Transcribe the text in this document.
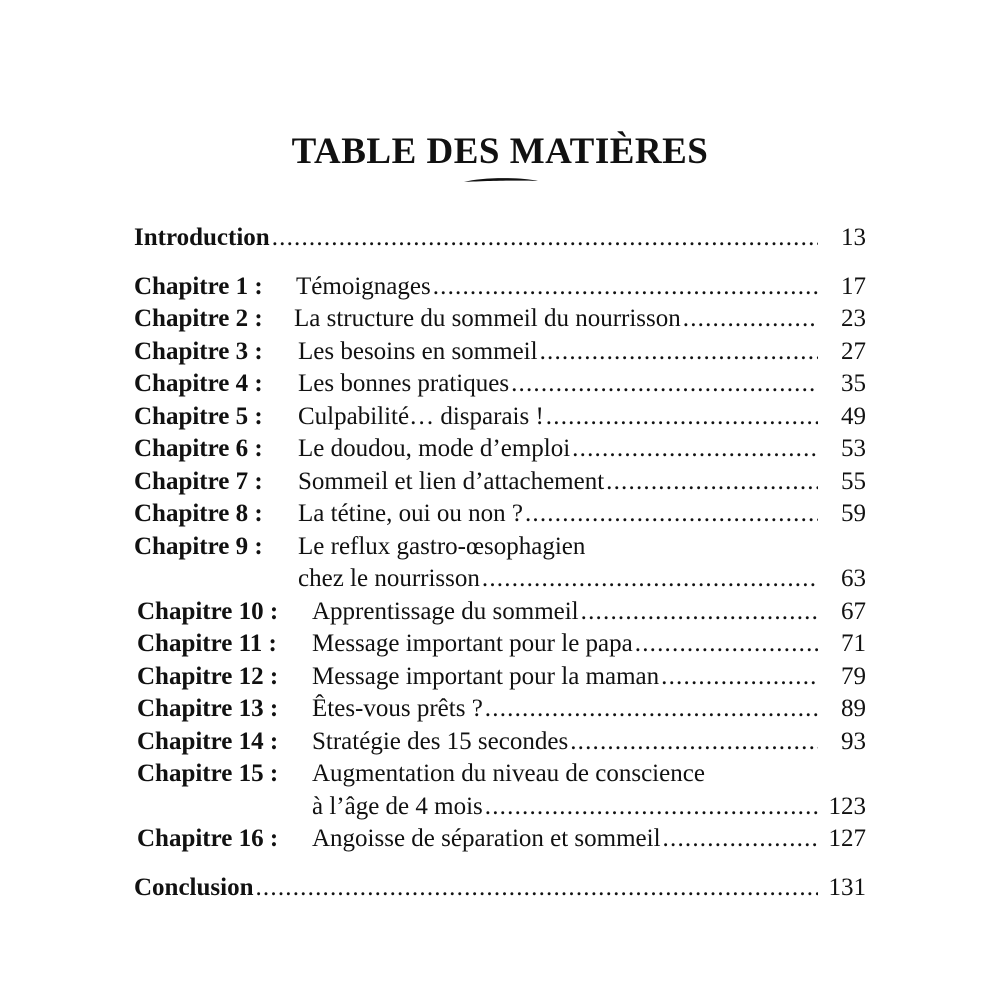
TABLE DES MATIÈRES
Introduction .....	13
Chapitre 1 : Témoignages .....	17
Chapitre 2 : La structure du sommeil du nourrisson .....	23
Chapitre 3 : Les besoins en sommeil .....	27
Chapitre 4 : Les bonnes pratiques .....	35
Chapitre 5 : Culpabilité… disparais ! .....	49
Chapitre 6 : Le doudou, mode d’emploi .....	53
Chapitre 7 : Sommeil et lien d’attachement .....	55
Chapitre 8 : La tétine, oui ou non ? .....	59
Chapitre 9 : Le reflux gastro-œsophagien
chez le nourrisson .....	63
Chapitre 10 : Apprentissage du sommeil .....	67
Chapitre 11 : Message important pour le papa .....	71
Chapitre 12 : Message important pour la maman .....	79
Chapitre 13 : Êtes-vous prêts ? .....	89
Chapitre 14 : Stratégie des 15 secondes .....	93
Chapitre 15 : Augmentation du niveau de conscience
à l’âge de 4 mois .....	123
Chapitre 16 : Angoisse de séparation et sommeil .....	127
Conclusion .....	131
